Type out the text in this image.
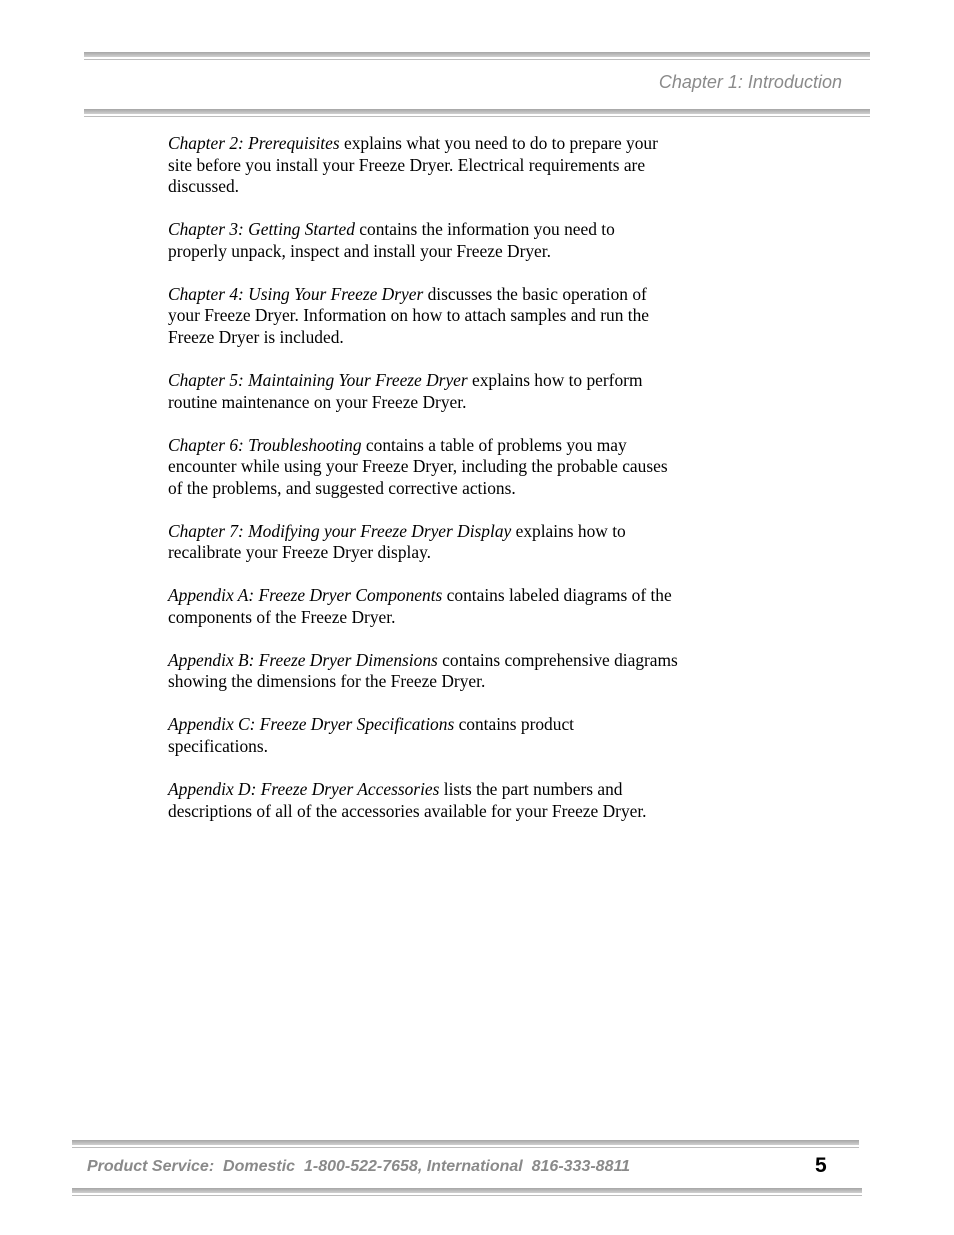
Chapter 1: Introduction

Chapter 2: Prerequisites explains what you need to do to prepare your site before you install your Freeze Dryer. Electrical requirements are discussed.

Chapter 3: Getting Started contains the information you need to properly unpack, inspect and install your Freeze Dryer.

Chapter 4: Using Your Freeze Dryer discusses the basic operation of your Freeze Dryer. Information on how to attach samples and run the Freeze Dryer is included.

Chapter 5: Maintaining Your Freeze Dryer explains how to perform routine maintenance on your Freeze Dryer.

Chapter 6: Troubleshooting contains a table of problems you may encounter while using your Freeze Dryer, including the probable causes of the problems, and suggested corrective actions.

Chapter 7: Modifying your Freeze Dryer Display explains how to recalibrate your Freeze Dryer display.

Appendix A: Freeze Dryer Components contains labeled diagrams of the components of the Freeze Dryer.

Appendix B: Freeze Dryer Dimensions contains comprehensive diagrams showing the dimensions for the Freeze Dryer.

Appendix C: Freeze Dryer Specifications contains product specifications.

Appendix D: Freeze Dryer Accessories lists the part numbers and descriptions of all of the accessories available for your Freeze Dryer.

Product Service:  Domestic  1-800-522-7658, International  816-333-8811	5
